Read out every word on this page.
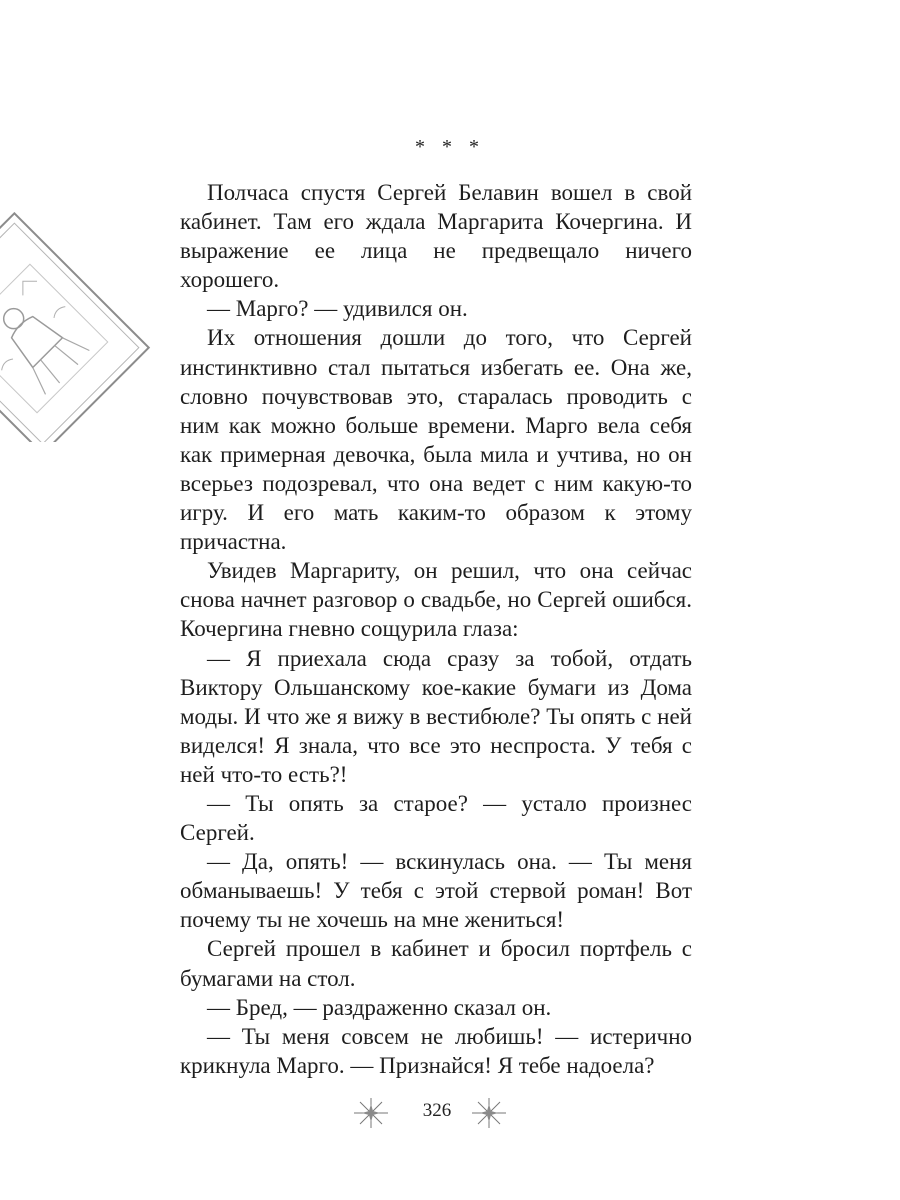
* * *

Полчаса спустя Сергей Белавин вошел в свой кабинет. Там его ждала Маргарита Кочергина. И выражение ее лица не предвещало ничего хорошего.

— Марго? — удивился он.

Их отношения дошли до того, что Сергей инстинктивно стал пытаться избегать ее. Она же, словно почувствовав это, старалась проводить с ним как можно больше времени. Марго вела себя как примерная девочка, была мила и учтива, но он всерьез подозревал, что она ведет с ним какую-то игру. И его мать каким-то образом к этому причастна.

Увидев Маргариту, он решил, что она сейчас снова начнет разговор о свадьбе, но Сергей ошибся. Кочергина гневно сощурила глаза:

— Я приехала сюда сразу за тобой, отдать Виктору Ольшанскому кое-какие бумаги из Дома моды. И что же я вижу в вестибюле? Ты опять с ней виделся! Я знала, что все это неспроста. У тебя с ней что-то есть?!

— Ты опять за старое? — устало произнес Сергей.

— Да, опять! — вскинулась она. — Ты меня обманываешь! У тебя с этой стервой роман! Вот почему ты не хочешь на мне жениться!

Сергей прошел в кабинет и бросил портфель с бумагами на стол.

— Бред, — раздраженно сказал он.

— Ты меня совсем не любишь! — истерично крикнула Марго. — Признайся! Я тебе надоела?

326
